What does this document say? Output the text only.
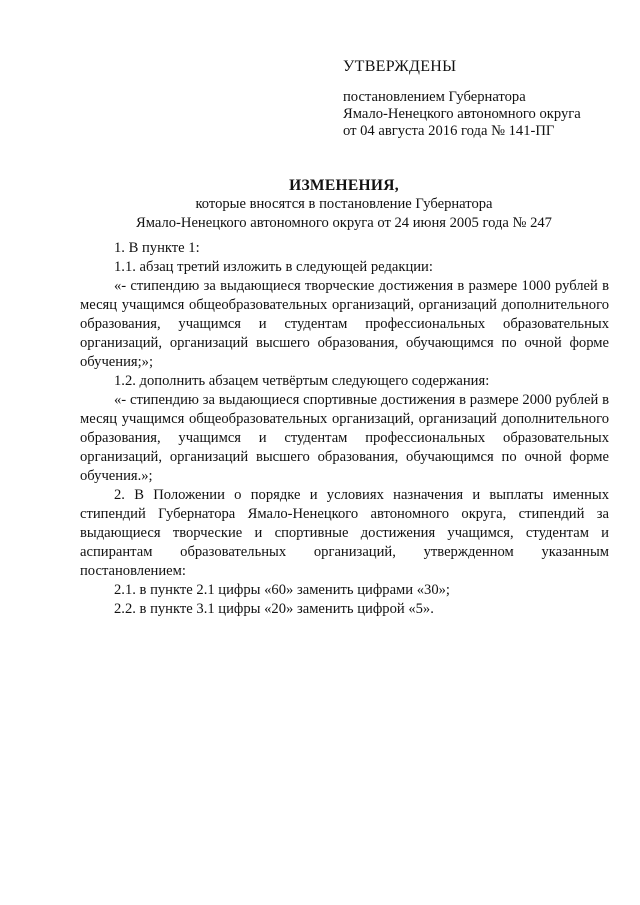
УТВЕРЖДЕНЫ
постановлением Губернатора
Ямало-Ненецкого автономного округа
от 04 августа 2016 года № 141-ПГ
ИЗМЕНЕНИЯ,
которые вносятся в постановление Губернатора
Ямало-Ненецкого автономного округа от 24 июня 2005 года № 247

1. В пункте 1:

1.1. абзац третий изложить в следующей редакции:

«- стипендию за выдающиеся творческие достижения в размере 1000 рублей в месяц учащимся общеобразовательных организаций, организаций дополнительного образования, учащимся и студентам профессиональных образовательных организаций, организаций высшего образования, обучающимся по очной форме обучения;»;

1.2. дополнить абзацем четвёртым следующего содержания:

«- стипендию за выдающиеся спортивные достижения в размере 2000 рублей в месяц учащимся общеобразовательных организаций, организаций дополнительного образования, учащимся и студентам профессиональных образовательных организаций, организаций высшего образования, обучающимся по очной форме обучения.»;

2. В Положении о порядке и условиях назначения и выплаты именных стипендий Губернатора Ямало-Ненецкого автономного округа, стипендий за выдающиеся творческие и спортивные достижения учащимся, студентам и аспирантам образовательных организаций, утвержденном указанным постановлением:

2.1. в пункте 2.1 цифры «60» заменить цифрами «30»;

2.2. в пункте 3.1 цифры «20» заменить цифрой «5».
